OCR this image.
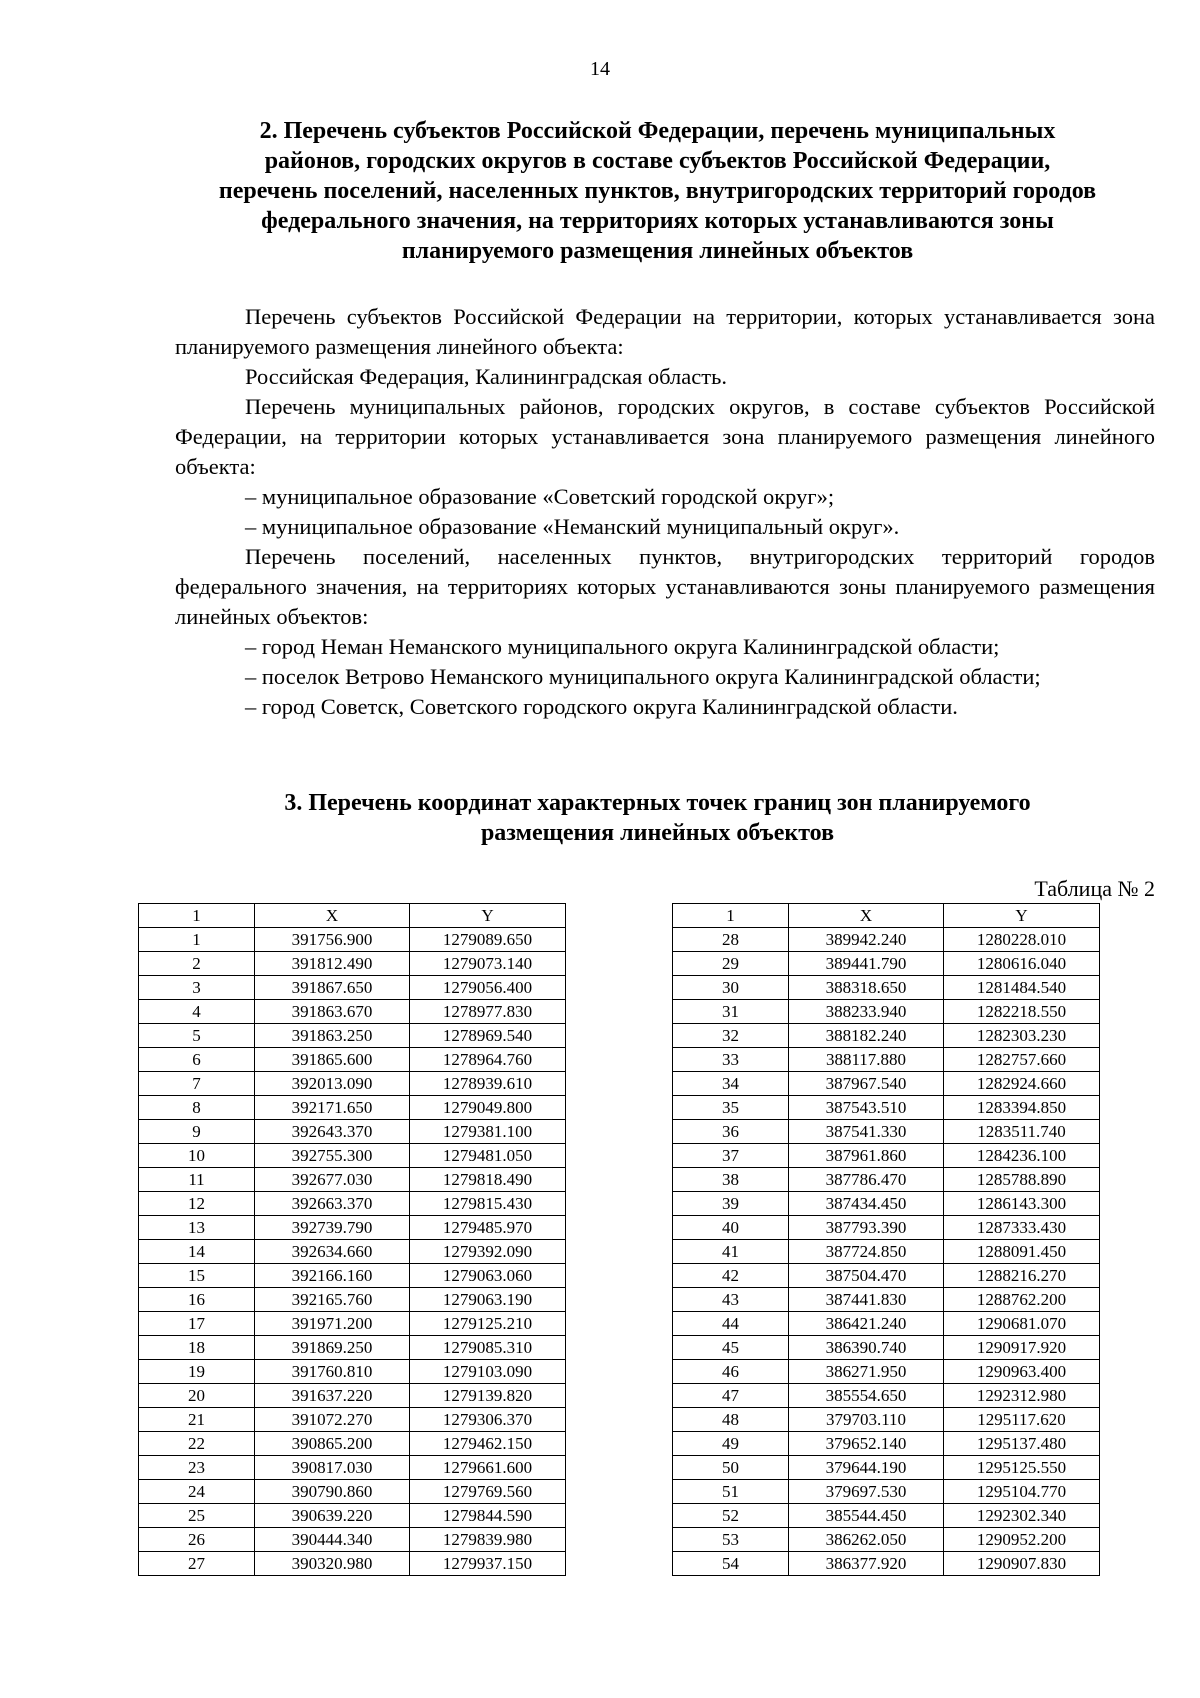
14
2. Перечень субъектов Российской Федерации, перечень муниципальных
районов, городских округов в составе субъектов Российской Федерации,
перечень поселений, населенных пунктов, внутригородских территорий городов
федерального значения, на территориях которых устанавливаются зоны
планируемого размещения линейных объектов

Перечень субъектов Российской Федерации на территории, которых устанавливается зона планируемого размещения линейного объекта:

Российская Федерация, Калининградская область.

Перечень муниципальных районов, городских округов, в составе субъектов Российской Федерации, на территории которых устанавливается зона планируемого размещения линейного объекта:

– муниципальное образование «Советский городской округ»;

– муниципальное образование «Неманский муниципальный округ».

Перечень поселений, населенных пунктов, внутригородских территорий городов федерального значения, на территориях которых устанавливаются зоны планируемого размещения линейных объектов:

– город Неман Неманского муниципального округа Калининградской области;

– поселок Ветрово Неманского муниципального округа Калининградской области;

– город Советск, Советского городского округа Калининградской области.

3. Перечень координат характерных точек границ зон планируемого
размещения линейных объектов
Таблица № 2
1	X	Y
1	391756.900	1279089.650
2	391812.490	1279073.140
3	391867.650	1279056.400
4	391863.670	1278977.830
5	391863.250	1278969.540
6	391865.600	1278964.760
7	392013.090	1278939.610
8	392171.650	1279049.800
9	392643.370	1279381.100
10	392755.300	1279481.050
11	392677.030	1279818.490
12	392663.370	1279815.430
13	392739.790	1279485.970
14	392634.660	1279392.090
15	392166.160	1279063.060
16	392165.760	1279063.190
17	391971.200	1279125.210
18	391869.250	1279085.310
19	391760.810	1279103.090
20	391637.220	1279139.820
21	391072.270	1279306.370
22	390865.200	1279462.150
23	390817.030	1279661.600
24	390790.860	1279769.560
25	390639.220	1279844.590
26	390444.340	1279839.980
27	390320.980	1279937.150
1	X	Y
28	389942.240	1280228.010
29	389441.790	1280616.040
30	388318.650	1281484.540
31	388233.940	1282218.550
32	388182.240	1282303.230
33	388117.880	1282757.660
34	387967.540	1282924.660
35	387543.510	1283394.850
36	387541.330	1283511.740
37	387961.860	1284236.100
38	387786.470	1285788.890
39	387434.450	1286143.300
40	387793.390	1287333.430
41	387724.850	1288091.450
42	387504.470	1288216.270
43	387441.830	1288762.200
44	386421.240	1290681.070
45	386390.740	1290917.920
46	386271.950	1290963.400
47	385554.650	1292312.980
48	379703.110	1295117.620
49	379652.140	1295137.480
50	379644.190	1295125.550
51	379697.530	1295104.770
52	385544.450	1292302.340
53	386262.050	1290952.200
54	386377.920	1290907.830
